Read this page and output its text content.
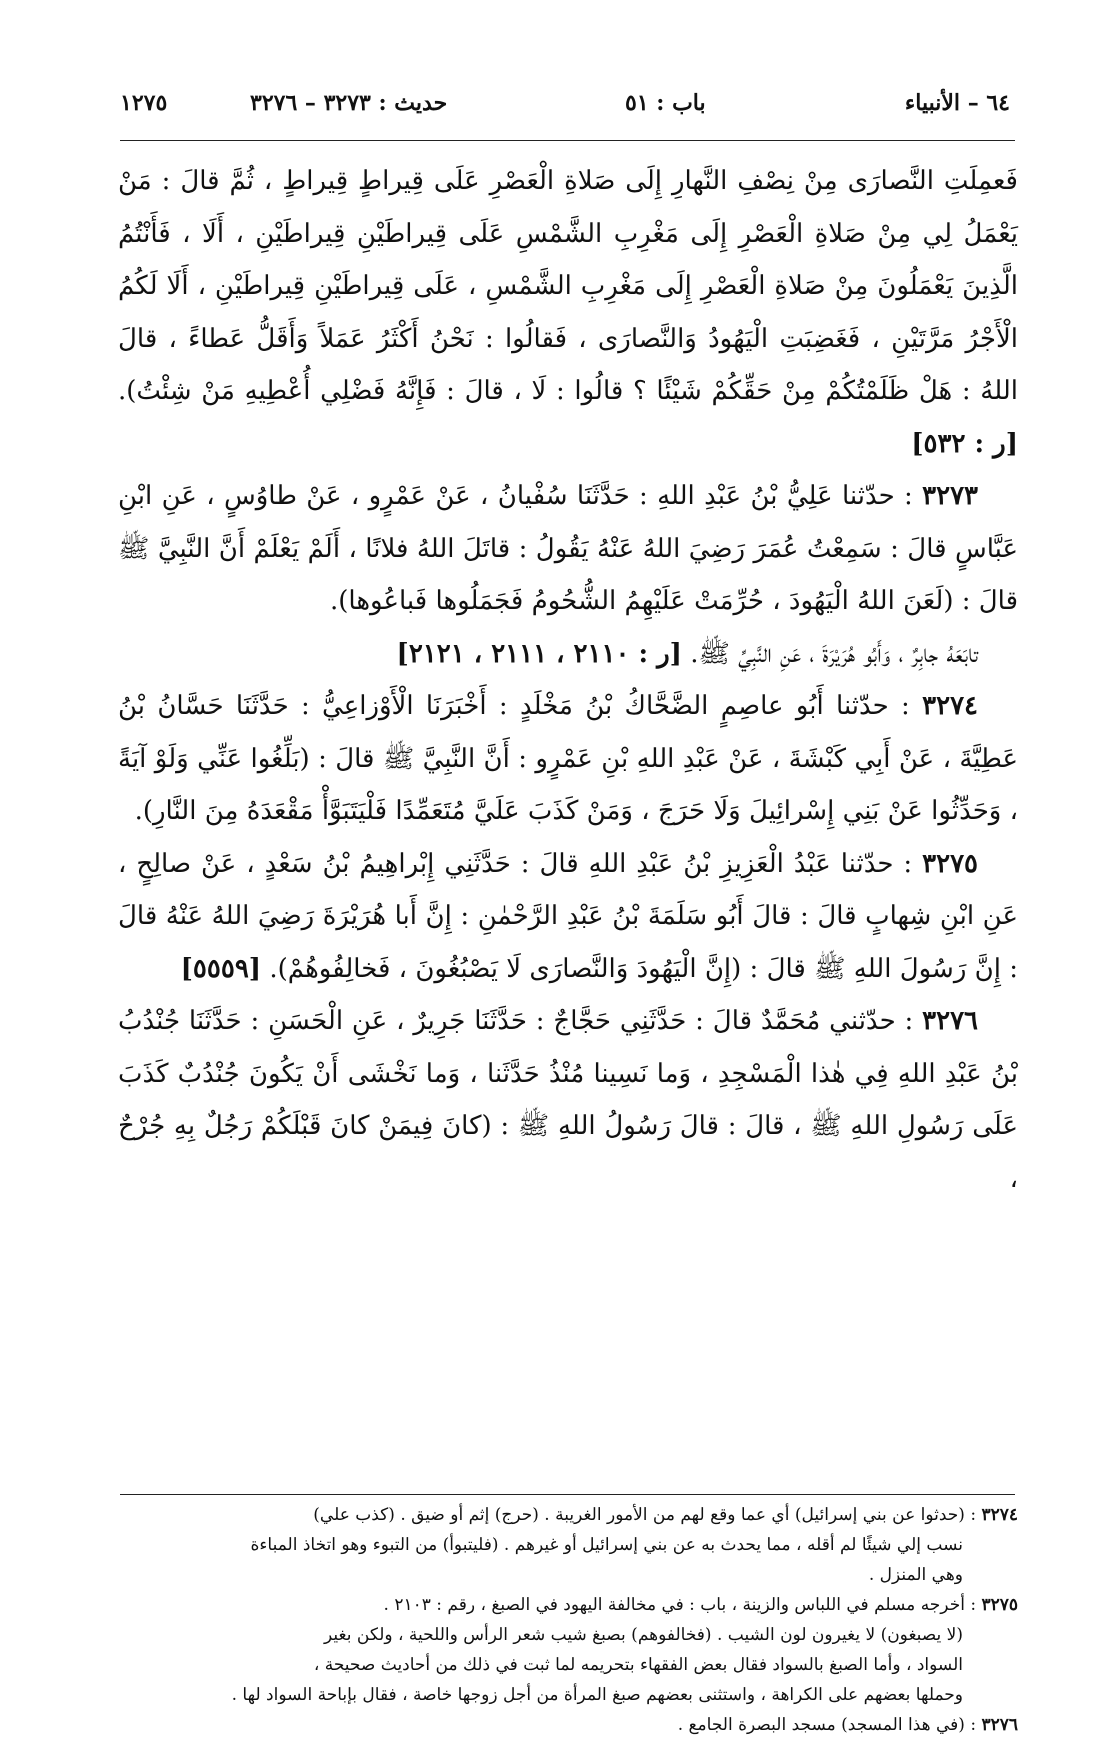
١٢٧٥	حديث : ٣٢٧٣ – ٣٢٧٦	باب : ٥١	٦٤ – الأنبياء

فَعمِلَتِ النَّصارَى مِنْ نِصْفِ النَّهارِ إِلَى صَلاةِ الْعَصْرِ عَلَى قِيراطٍ قِيراطٍ ، ثُمَّ قالَ : مَنْ يَعْمَلُ لِي مِنْ صَلاةِ الْعَصْرِ إِلَى مَغْرِبِ الشَّمْسِ عَلَى قِيراطَيْنِ قِيراطَيْنِ ، أَلَا ، فَأَنْتُمُ الَّذِينَ يَعْمَلُونَ مِنْ صَلاةِ الْعَصْرِ إِلَى مَغْرِبِ الشَّمْسِ ، عَلَى قِيراطَيْنِ قِيراطَيْنِ ، أَلَا لَكُمُ الْأَجْرُ مَرَّتَيْنِ ، فَغَضِبَتِ الْيَهُودُ وَالنَّصارَى ، فَقالُوا : نَحْنُ أَكْثَرُ عَمَلاً وَأَقَلُّ عَطاءً ، قالَ اللهُ : هَلْ ظَلَمْتُكُمْ مِنْ حَقِّكُمْ شَيْئًا ؟ قالُوا : لَا ، قالَ : فَإِنَّهُ فَضْلِي أُعْطِيهِ مَنْ شِئْتُ). [ر : ٥٣٢]

٣٢٧٣ : حدّثنا عَلِيُّ بْنُ عَبْدِ اللهِ : حَدَّثَنَا سُفْيانُ ، عَنْ عَمْرٍو ، عَنْ طاوُسٍ ، عَنِ ابْنِ عَبَّاسٍ قالَ : سَمِعْتُ عُمَرَ رَضِيَ اللهُ عَنْهُ يَقُولُ : قاتَلَ اللهُ فلانًا ، أَلَمْ يَعْلَمْ أَنَّ النَّبِيَّ ﷺ قالَ : (لَعَنَ اللهُ الْيَهُودَ ، حُرِّمَتْ عَلَيْهِمُ الشُّحُومُ فَجَمَلُوها فَباعُوها).

تابَعَهُ جابِرٌ ، وَأَبُو هُرَيْرَةَ ، عَنِ النَّبِيِّ ﷺ. [ر : ٢١١٠ ، ٢١١١ ، ٢١٢١]

٣٢٧٤ : حدّثنا أَبُو عاصِمٍ الضَّحَّاكُ بْنُ مَخْلَدٍ : أَخْبَرَنَا الْأَوْزاعِيُّ : حَدَّثَنَا حَسَّانُ بْنُ عَطِيَّةَ ، عَنْ أَبِي كَبْشَةَ ، عَنْ عَبْدِ اللهِ بْنِ عَمْرٍو : أَنَّ النَّبِيَّ ﷺ قالَ : (بَلِّغُوا عَنِّي وَلَوْ آيَةً ، وَحَدِّثُوا عَنْ بَنِي إِسْرائِيلَ وَلَا حَرَجَ ، وَمَنْ كَذَبَ عَلَيَّ مُتَعَمِّدًا فَلْيَتَبَوَّأْ مَقْعَدَهُ مِنَ النَّارِ).

٣٢٧٥ : حدّثنا عَبْدُ الْعَزِيزِ بْنُ عَبْدِ اللهِ قالَ : حَدَّثَنِي إِبْراهِيمُ بْنُ سَعْدٍ ، عَنْ صالِحٍ ، عَنِ ابْنِ شِهابٍ قالَ : قالَ أَبُو سَلَمَةَ بْنُ عَبْدِ الرَّحْمٰنِ : إِنَّ أَبا هُرَيْرَةَ رَضِيَ اللهُ عَنْهُ قالَ : إِنَّ رَسُولَ اللهِ ﷺ قالَ : (إِنَّ الْيَهُودَ وَالنَّصارَى لَا يَصْبُغُونَ ، فَخالِفُوهُمْ). [٥٥٥٩]

٣٢٧٦ : حدّثني مُحَمَّدٌ قالَ : حَدَّثَنِي حَجَّاجٌ : حَدَّثَنَا جَرِيرٌ ، عَنِ الْحَسَنِ : حَدَّثَنَا جُنْدُبُ بْنُ عَبْدِ اللهِ فِي هٰذا الْمَسْجِدِ ، وَما نَسِينا مُنْذُ حَدَّثَنا ، وَما نَخْشَى أَنْ يَكُونَ جُنْدُبٌ كَذَبَ عَلَى رَسُولِ اللهِ ﷺ ، قالَ : قالَ رَسُولُ اللهِ ﷺ : (كانَ فِيمَنْ كانَ قَبْلَكُمْ رَجُلٌ بِهِ جُرْحٌ ،

٣٢٧٤ : (حدثوا عن بني إسرائيل) أي عما وقع لهم من الأمور الغريبة . (حرج) إثم أو ضيق . (كذب علي)

نسب إلي شيئًا لم أقله ، مما يحدث به عن بني إسرائيل أو غيرهم . (فليتبوأ) من التبوء وهو اتخاذ المباءة

وهي المنزل .

٣٢٧٥ : أخرجه مسلم في اللباس والزينة ، باب : في مخالفة اليهود في الصبغ ، رقم : ٢١٠٣ .

(لا يصبغون) لا يغيرون لون الشيب . (فخالفوهم) بصبغ شيب شعر الرأس واللحية ، ولكن بغير

السواد ، وأما الصبغ بالسواد فقال بعض الفقهاء بتحريمه لما ثبت في ذلك من أحاديث صحيحة ،

وحملها بعضهم على الكراهة ، واستثنى بعضهم صبغ المرأة من أجل زوجها خاصة ، فقال بإباحة السواد لها .

٣٢٧٦ : (في هذا المسجد) مسجد البصرة الجامع .
